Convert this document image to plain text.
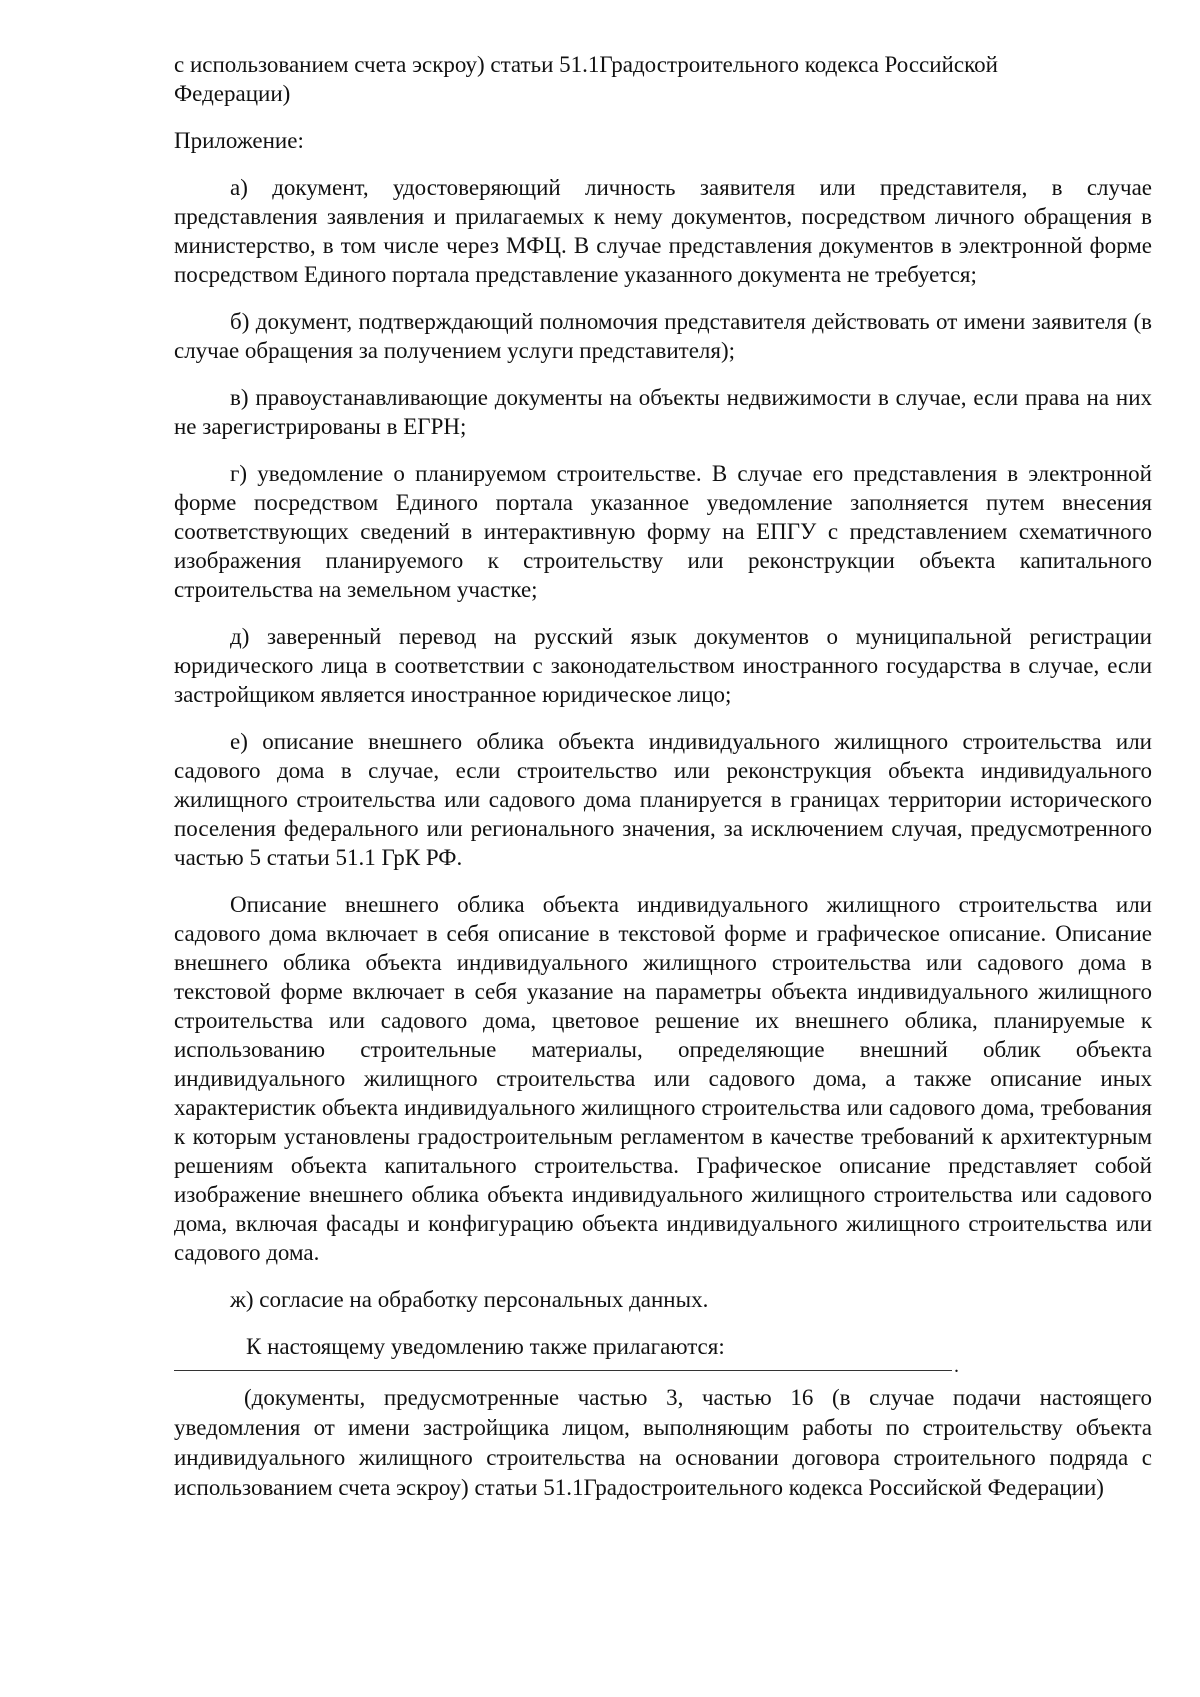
с использованием счета эскроу) статьи 51.1Градостроительного кодекса Российской

Федерации)

Приложение:

а) документ, удостоверяющий личность заявителя или представителя, в случае представления заявления и прилагаемых к нему документов, посредством личного обращения в министерство, в том числе через МФЦ. В случае представления документов в электронной форме посредством Единого портала представление указанного документа не требуется;

б) документ, подтверждающий полномочия представителя действовать от имени заявителя (в случае обращения за получением услуги представителя);

в) правоустанавливающие документы на объекты недвижимости в случае, если права на них не зарегистрированы в ЕГРН;

г) уведомление о планируемом строительстве. В случае его представления в электронной форме посредством Единого портала указанное уведомление заполняется путем внесения соответствующих сведений в интерактивную форму на ЕПГУ с представлением схематичного изображения планируемого к строительству или реконструкции объекта капитального строительства на земельном участке;

д) заверенный перевод на русский язык документов о муниципальной регистрации юридического лица в соответствии с законодательством иностранного государства в случае, если застройщиком является иностранное юридическое лицо;

е) описание внешнего облика объекта индивидуального жилищного строительства или садового дома в случае, если строительство или реконструкция объекта индивидуального жилищного строительства или садового дома планируется в границах территории исторического поселения федерального или регионального значения, за исключением случая, предусмотренного частью 5 статьи 51.1 ГрК РФ.

Описание внешнего облика объекта индивидуального жилищного строительства или садового дома включает в себя описание в текстовой форме и графическое описание. Описание внешнего облика объекта индивидуального жилищного строительства или садового дома в текстовой форме включает в себя указание на параметры объекта индивидуального жилищного строительства или садового дома, цветовое решение их внешнего облика, планируемые к использованию строительные материалы, определяющие внешний облик объекта индивидуального жилищного строительства или садового дома, а также описание иных характеристик объекта индивидуального жилищного строительства или садового дома, требования к которым установлены градостроительным регламентом в качестве требований к архитектурным решениям объекта капитального строительства. Графическое описание представляет собой изображение внешнего облика объекта индивидуального жилищного строительства или садового дома, включая фасады и конфигурацию объекта индивидуального жилищного строительства или садового дома.

ж) согласие на обработку персональных данных.

К настоящему уведомлению также прилагаются:

.

(документы, предусмотренные частью 3, частью 16 (в случае подачи настоящего уведомления от имени застройщика лицом, выполняющим работы по строительству объекта индивидуального жилищного строительства на основании договора строительного подряда с использованием счета эскроу) статьи 51.1Градостроительного кодекса Российской Федерации)
